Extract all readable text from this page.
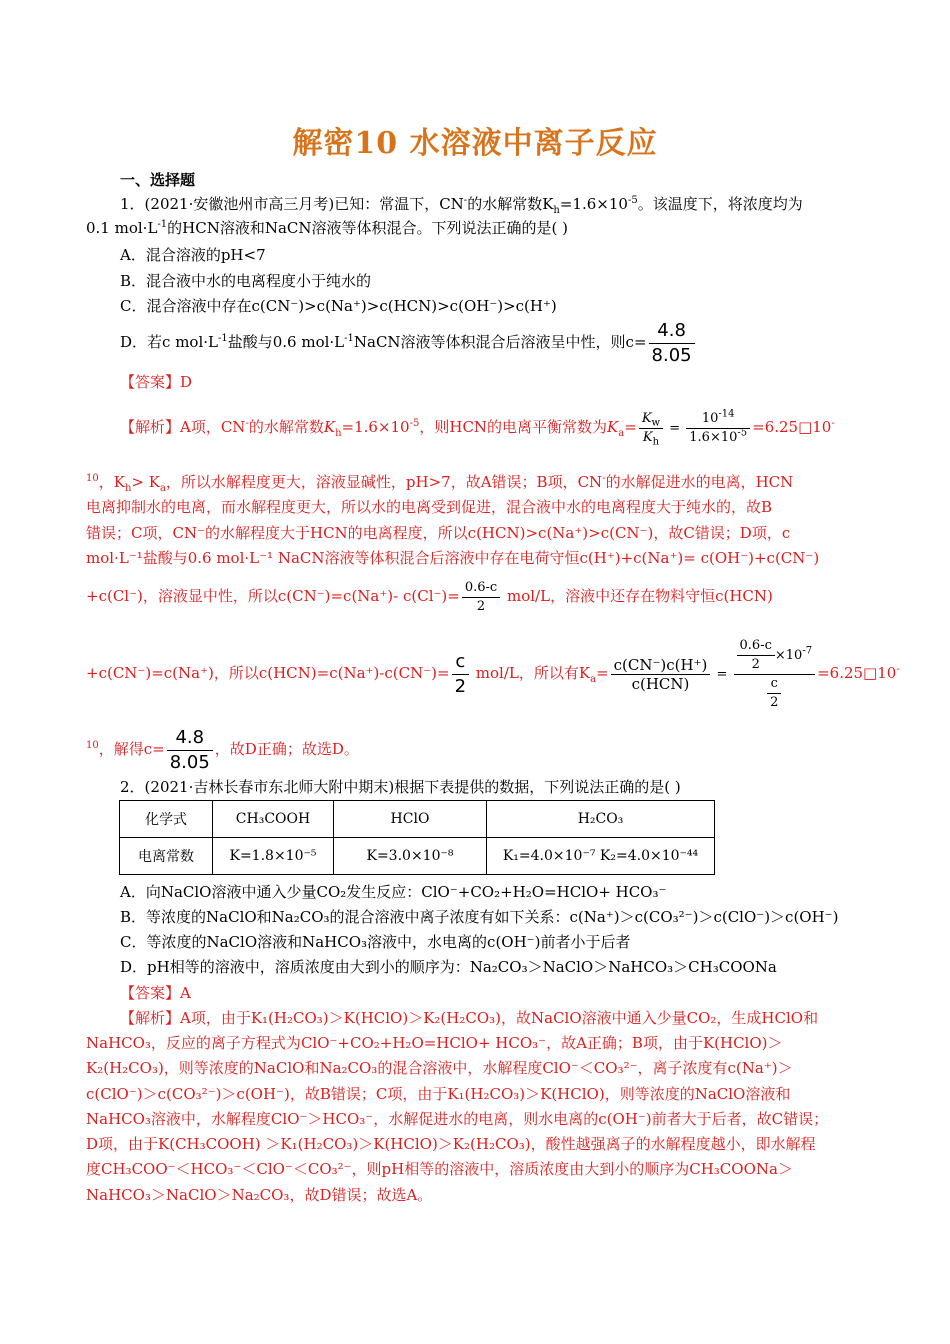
解密10 水溶液中离子反应
一、选择题
1．(2021·安徽池州市高三月考)已知：常温下，CN-的水解常数$K_h=1.6\times 10^{-5}$。该温度下，将浓度均为
0.1 $mol\cdot L^{-1}$的HCN溶液和NaCN溶液等体积混合。下列说法正确的是( )
A．混合溶液的pH<7
B．混合液中水的电离程度小于纯水的
C．混合溶液中存在c(CN⁻)>c(Na⁺)>c(HCN)>c(OH⁻)>c(H⁺)
D．若c $mol\cdot L^{-1}$盐酸与0.6 $mol\cdot L^{-1}NaCN$溶液等体积混合后溶液呈中性，则$c= \frac{4.8}{8.05}$
【答案】D
【解析】A项，CN-的水解常数$K_h=1.6\times 10^{-5}$，则HCN的电离平衡常数为$K_a= \frac{K_w}{K_h} = \frac{10^{-14}}{1.6\times 10^{-5}}$ =6.25□10-
$^{10}$，$K_h> K_a$，所以水解程度更大，溶液显碱性，pH>7，故A错误；B项，CN-的水解促进水的电离，HCN
电离抑制水的电离，而水解程度更大，所以水的电离受到促进，混合液中水的电离程度大于纯水的，故B
错误；C项，CN⁻的水解程度大于HCN的电离程度，所以c(HCN)>c(Na⁺)>c(CN⁻)，故C错误；D项，c
mol·L⁻¹盐酸与0.6 mol·L⁻¹ NaCN溶液等体积混合后溶液中存在电荷守恒c(H⁺)+c(Na⁺)= c(OH⁻)+c(CN⁻)
+c(Cl⁻)，溶液显中性，所以c(CN⁻)=c(Na⁺)- $c(Cl^-)= \frac{0.6-c}{2} mol/L$，溶液中还存在物料守恒c(HCN)
+c(CN⁻)=c(Na⁺)，所以$c(HCN)=c(Na^+)-c(CN^-)= \frac{c}{2} mol/L$，所以有$K_a= \frac{c(CN^-)c(H^+)}{\text{c(HCN)}} = \frac{\frac{0.6-c}{2} \times 10^{-7}}{\frac{c}{2}}$ =6.25□10-
$^{10}$，解得$c= \frac{4.8}{8.05}$ ，故D正确；故选D。
2．(2021·吉林长春市东北师大附中期末)根据下表提供的数据，下列说法正确的是( )
化学式	CH₃COOH	HClO	H₂CO₃
电离常数	K=1.8×10⁻⁵	K=3.0×10⁻⁸	K₁=4.0×10⁻⁷ K₂=4.0×10⁻⁴⁴
A．向NaClO溶液中通入少量CO₂发生反应：ClO⁻+CO₂+H₂O=HClO+ HCO₃⁻
B．等浓度的NaClO和Na₂CO₃的混合溶液中离子浓度有如下关系：c(Na⁺)＞c(CO₃²⁻)＞c(ClO⁻)＞c(OH⁻)
C．等浓度的NaClO溶液和NaHCO₃溶液中，水电离的c(OH⁻)前者小于后者
D．pH相等的溶液中，溶质浓度由大到小的顺序为：Na₂CO₃＞NaClO＞NaHCO₃＞CH₃COONa
【答案】A
【解析】A项，由于K₁(H₂CO₃)＞K(HClO)＞K₂(H₂CO₃)，故NaClO溶液中通入少量CO₂，生成HClO和
NaHCO₃，反应的离子方程式为ClO⁻+CO₂+H₂O=HClO+ HCO₃⁻，故A正确；B项，由于K(HClO)＞
K₂(H₂CO₃)，则等浓度的NaClO和Na₂CO₃的混合溶液中，水解程度ClO⁻＜CO₃²⁻，离子浓度有c(Na⁺)＞
c(ClO⁻)＞c(CO₃²⁻)＞c(OH⁻)，故B错误；C项，由于K₁(H₂CO₃)＞K(HClO)，则等浓度的NaClO溶液和
NaHCO₃溶液中，水解程度ClO⁻＞HCO₃⁻，水解促进水的电离，则水电离的c(OH⁻)前者大于后者，故C错误；
D项，由于K(CH₃COOH) ＞K₁(H₂CO₃)＞K(HClO)＞K₂(H₂CO₃)，酸性越强离子的水解程度越小，即水解程
度CH₃COO⁻＜HCO₃⁻＜ClO⁻＜CO₃²⁻，则pH相等的溶液中，溶质浓度由大到小的顺序为CH₃COONa＞
NaHCO₃＞NaClO＞Na₂CO₃，故D错误；故选A。
